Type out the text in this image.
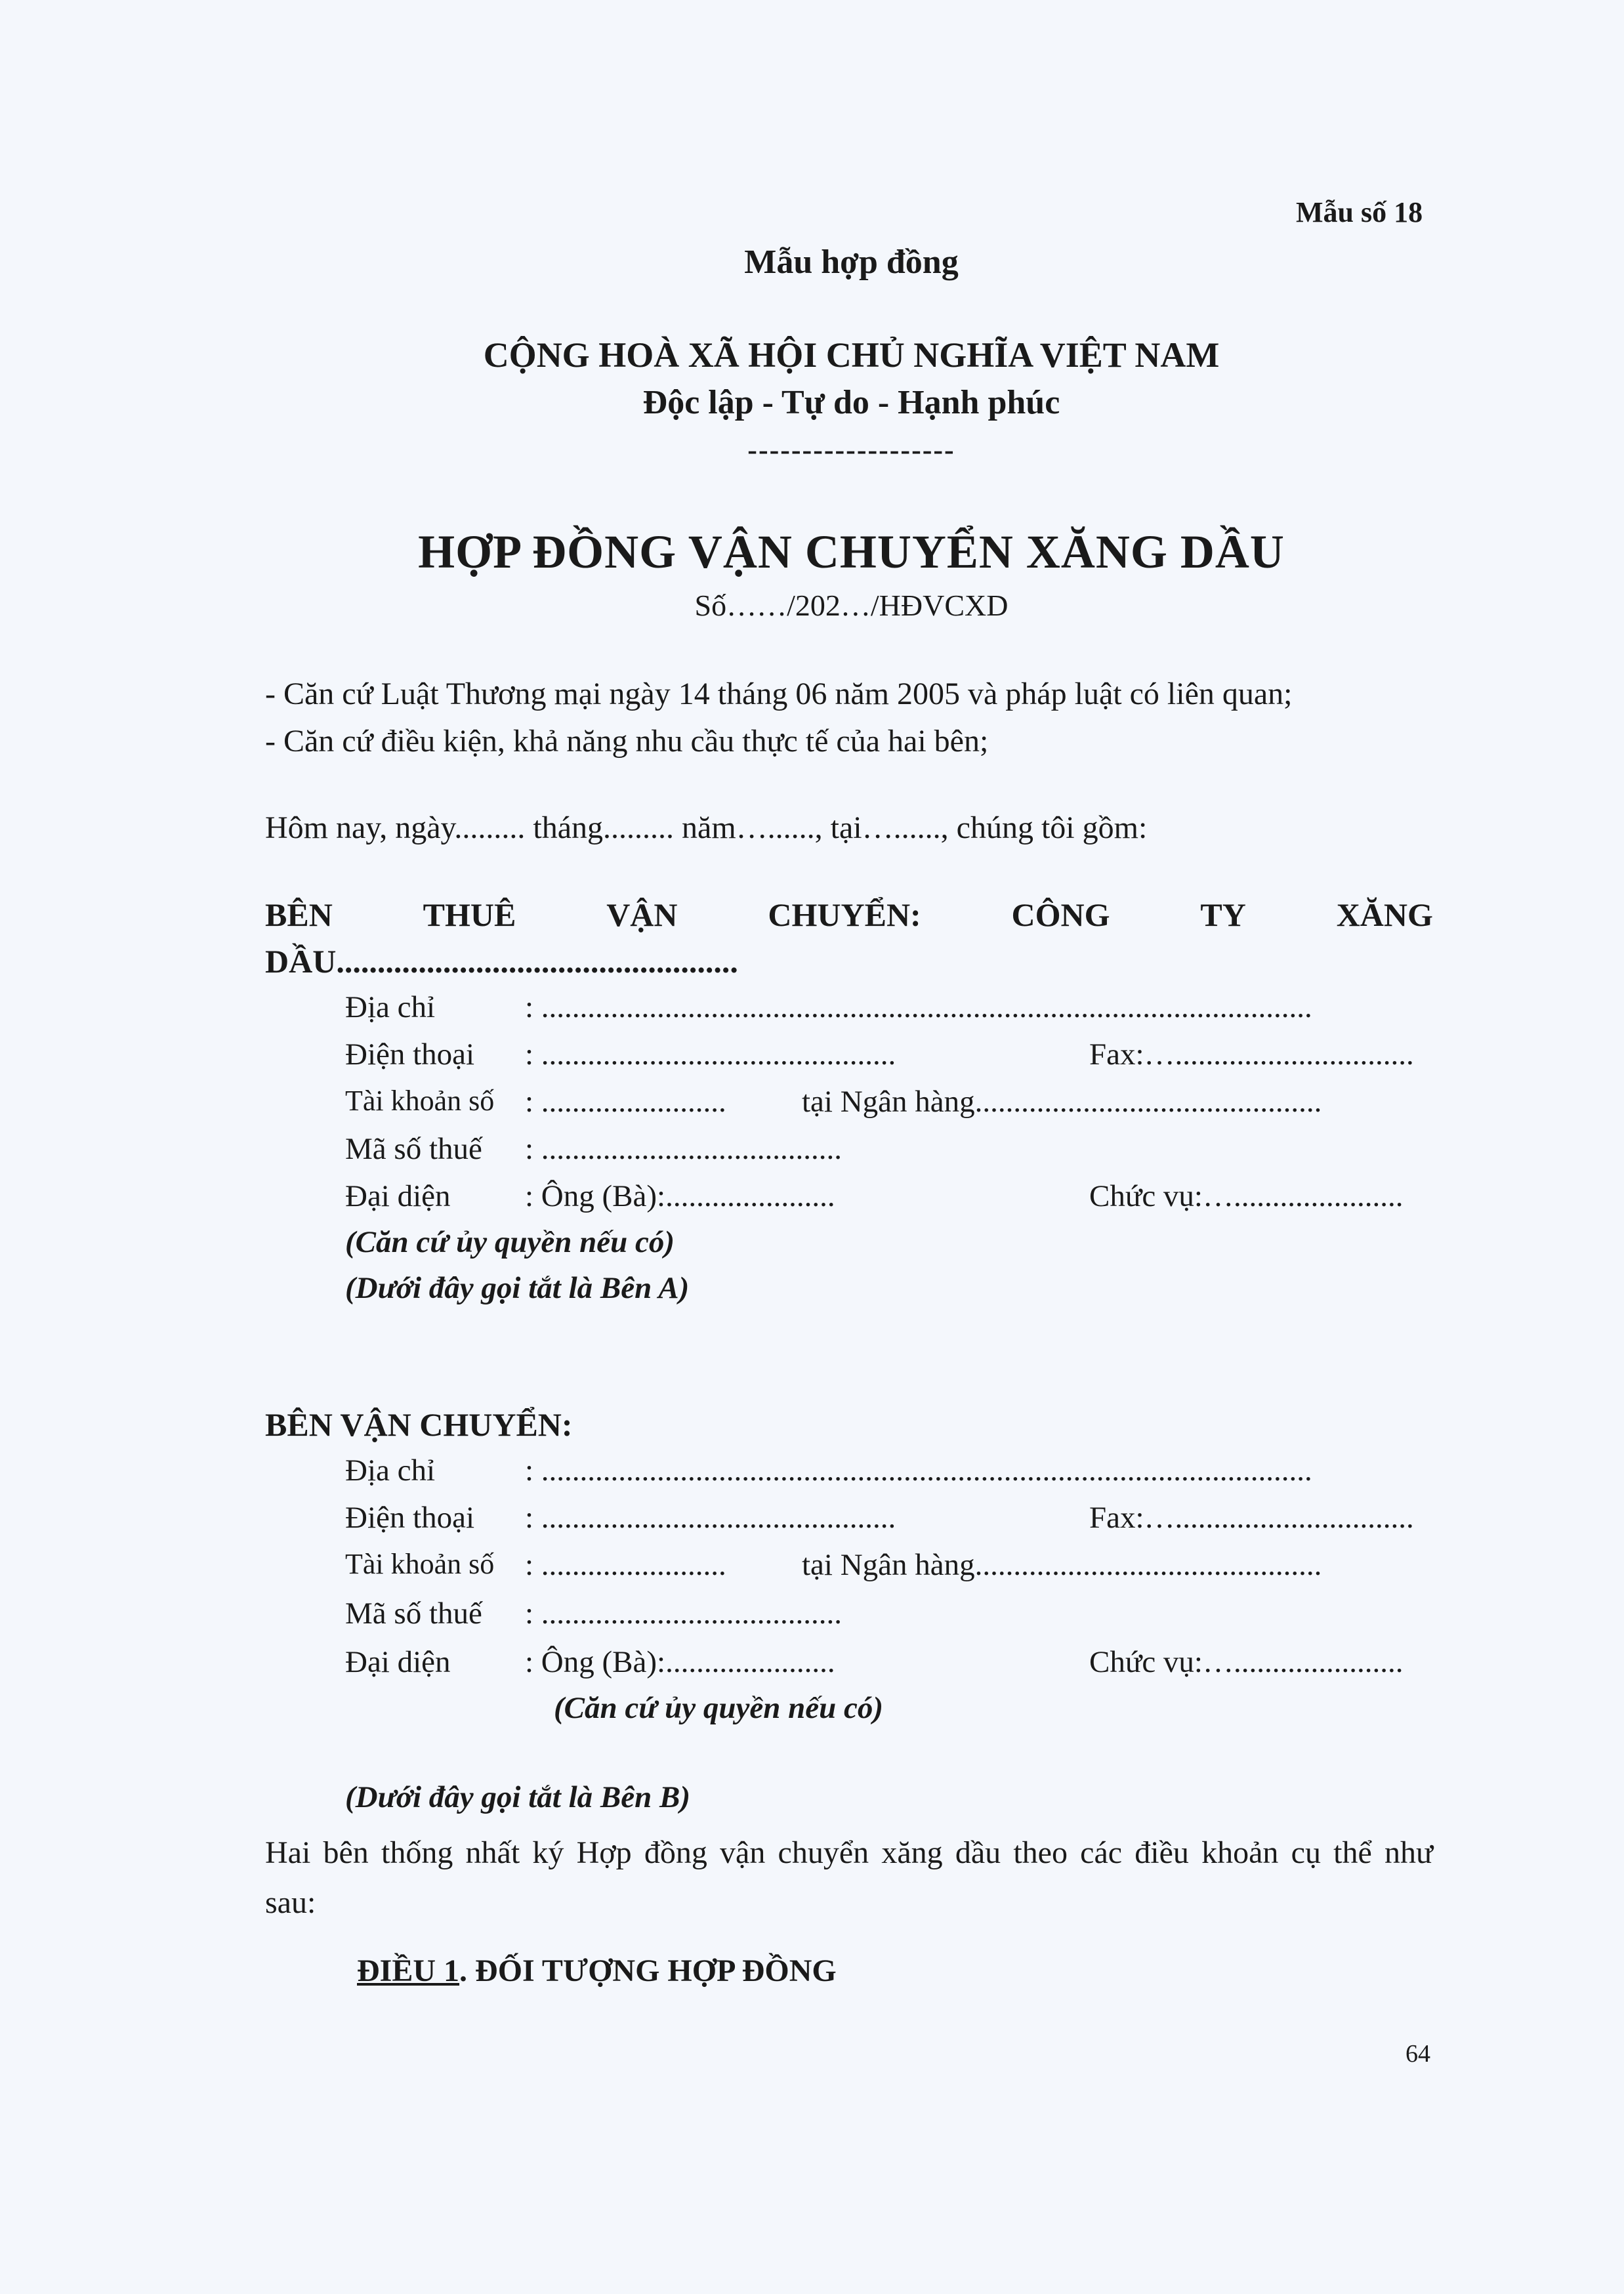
Mẫu số 18
Mẫu hợp đồng
CỘNG HOÀ XÃ HỘI CHỦ NGHĨA VIỆT NAM
Độc lập - Tự do - Hạnh phúc
-------------------
HỢP ĐỒNG VẬN CHUYỂN XĂNG DẦU
Số……/202…/HĐVCXD
- Căn cứ Luật Thương mại ngày 14 tháng 06 năm 2005 và pháp luật có liên quan;
- Căn cứ điều kiện, khả năng nhu cầu thực tế của hai bên;
Hôm nay, ngày......... tháng......... năm…......, tại…......, chúng tôi gồm:
BÊN	THUÊ	VẬN	CHUYỂN:	CÔNG	TY	XĂNG
DẦU.................................................
Địa chỉ	: ....................................................................................................
Điện thoại : ..............................................	Fax:…...............................
Tài khoản số : ........................ tại Ngân hàng.............................................
Mã số thuế : .......................................
Đại diện : Ông (Bà):......................	Chức vụ:…......................
(Căn cứ ủy quyền nếu có)
(Dưới đây gọi tắt là Bên A)
BÊN VẬN CHUYỂN:
Địa chỉ	: ....................................................................................................
Điện thoại : ..............................................	Fax:…...............................
Tài khoản số : ........................ tại Ngân hàng.............................................
Mã số thuế : .......................................
Đại diện : Ông (Bà):......................	Chức vụ:…......................
(Căn cứ ủy quyền nếu có)
(Dưới đây gọi tắt là Bên B)
Hai bên thống nhất ký Hợp đồng vận chuyển xăng dầu theo các điều khoản cụ thể như
sau:
ĐIỀU 1. ĐỐI TƯỢNG HỢP ĐỒNG
64
